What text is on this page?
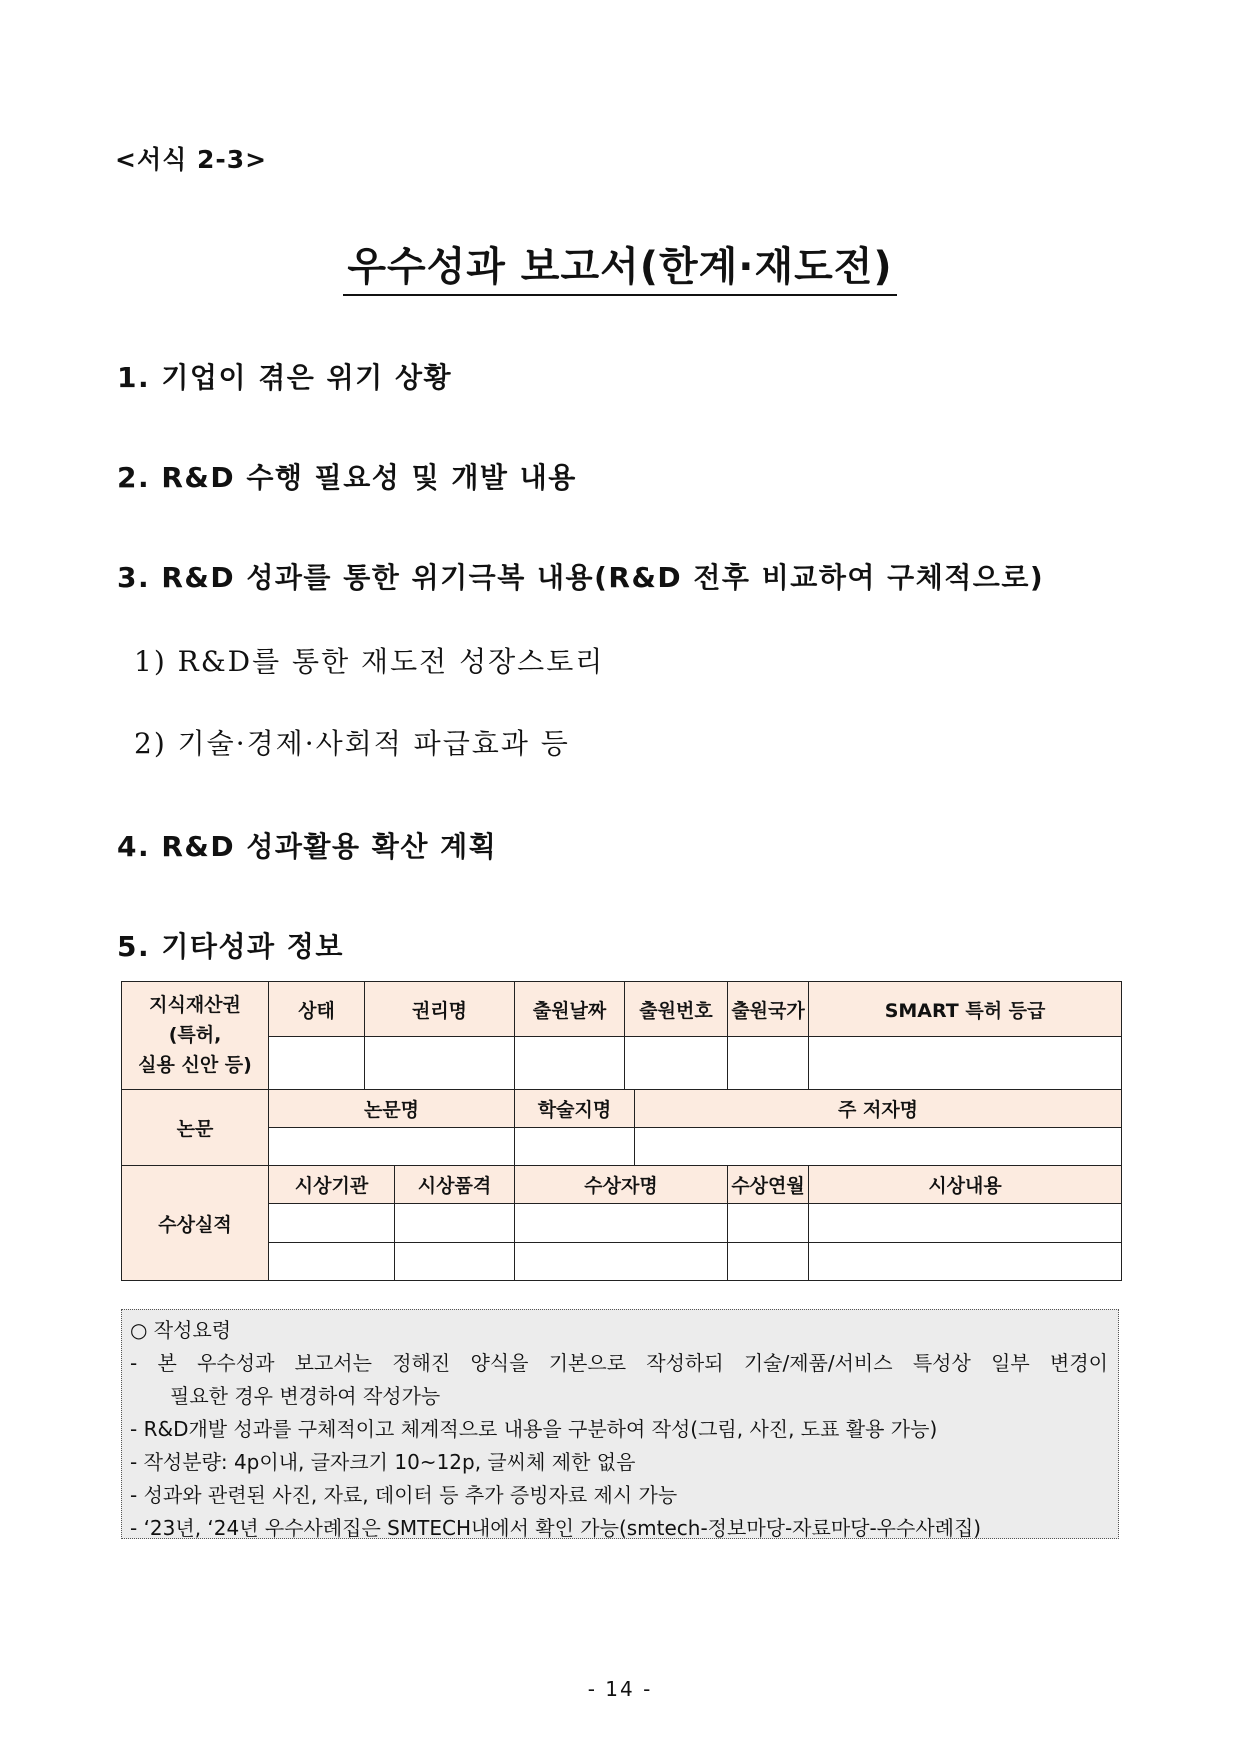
<서식 2-3>
우수성과 보고서(한계·재도전)
1. 기업이 겪은 위기 상황
2. R&D 수행 필요성 및 개발 내용
3. R&D 성과를 통한 위기극복 내용(R&D 전후 비교하여 구체적으로)
1) R&D를 통한 재도전 성장스토리
2) 기술·경제·사회적 파급효과 등
4. R&D 성과활용 확산 계획
5. 기타성과 정보
지식재산권
(특허,
실용 신안 등)	상태	권리명		출원날짜	출원번호		출원국가	SMART 특허 등급

논문	논문명			학술지명		주 저자명		

수상실적	시상기관		시상품격	수상자명			수상연월	시상내용

○ 작성요령
- 본 우수성과 보고서는 정해진 양식을 기본으로 작성하되 기술/제품/서비스 특성상 일부 변경이
필요한 경우 변경하여 작성가능
- R&D개발 성과를 구체적이고 체계적으로 내용을 구분하여 작성(그림, 사진, 도표 활용 가능)
- 작성분량: 4p이내, 글자크기 10~12p, 글씨체 제한 없음
- 성과와 관련된 사진, 자료, 데이터 등 추가 증빙자료 제시 가능
- ‘23년, ‘24년 우수사례집은 SMTECH내에서 확인 가능(smtech-정보마당-자료마당-우수사례집)
- 14 -
